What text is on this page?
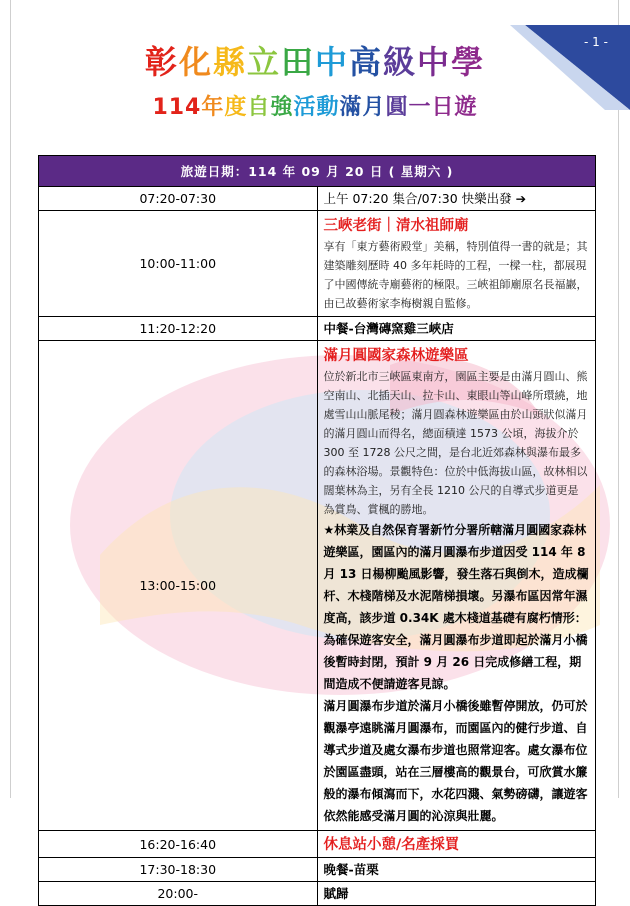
- 1 -
彰化縣立田中高級中學
114年度自強活動滿月圓一日遊
旅遊日期：114 年 09 月 20 日 ( 星期六 )	
07:20-07:30	上午 07:20 集合/07:30 快樂出發 ➔
10:00-11:00	三峽老街｜清水祖師廟
享有「東方藝術殿堂」美稱，特別值得一書的就是；其建築雕刻歷時 40 多年耗時的工程，一樑一柱，都展現了中國傳統寺廟藝術的極限。三峽祖師廟原名長福巖，由已故藝術家李梅樹親自監修。

11:20-12:20	中餐-台灣磚窯雞三峽店
13:00-15:00	滿月圓國家森林遊樂區
位於新北市三峽區東南方，園區主要是由滿月圓山、熊空南山、北插天山、拉卡山、東眼山等山峰所環繞，地處雪山山脈尾稜；滿月圓森林遊樂區由於山頭狀似滿月的滿月圓山而得名，總面積達 1573 公頃，海拔介於 300 至 1728 公尺之間，是台北近郊森林與瀑布最多的森林浴場。景觀特色：位於中低海拔山區，故林相以闊葉林為主，另有全長 1210 公尺的自導式步道更是為賞鳥、賞楓的勝地。
★林業及自然保育署新竹分署所轄滿月圓國家森林遊樂區，園區內的滿月圓瀑布步道因受 114 年 8 月 13 日楊柳颱風影響，發生落石與倒木，造成欄杆、木棧階梯及水泥階梯損壞。另瀑布區因常年濕度高，該步道 0.34K 處木棧道基礎有腐朽情形：為確保遊客安全，滿月圓瀑布步道即起於滿月小橋後暫時封閉，預計 9 月 26 日完成修繕工程，期間造成不便請遊客見諒。
滿月圓瀑布步道於滿月小橋後雖暫停開放，仍可於觀瀑亭遠眺滿月圓瀑布，而園區內的健行步道、自導式步道及處女瀑布步道也照常迎客。處女瀑布位於園區盡頭，站在三層樓高的觀景台，可欣賞水簾般的瀑布傾瀉而下，水花四濺、氣勢磅礴，讓遊客依然能感受滿月圓的沁涼與壯麗。

16:20-16:40	休息站小憩/名產採買

17:30-18:30	晚餐-苗栗
20:00-	賦歸
